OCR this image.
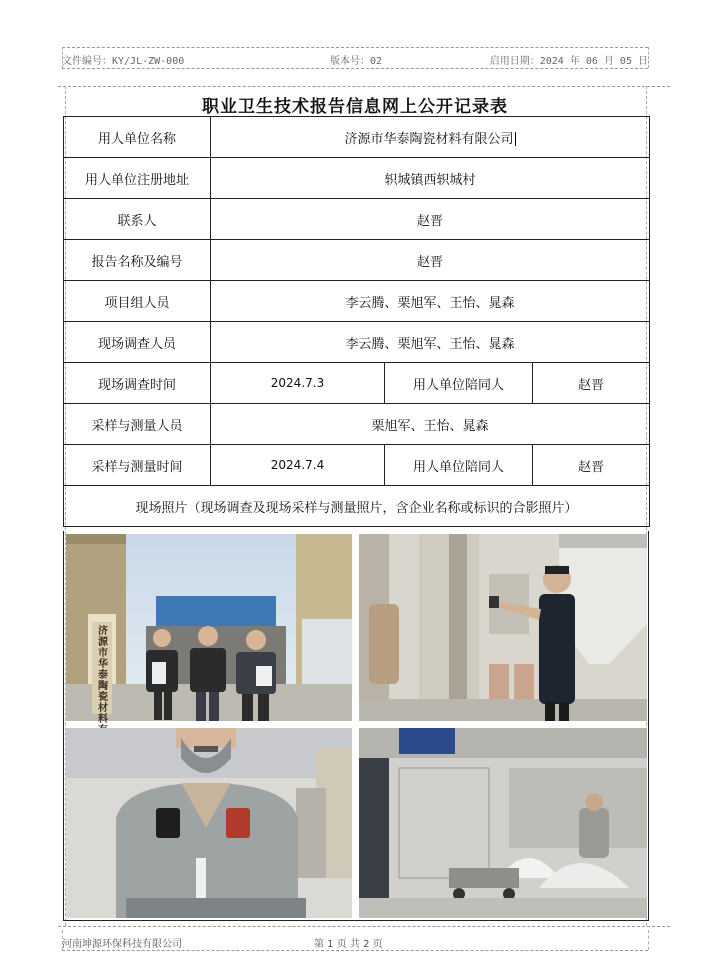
文件编号：KY/JL-ZW-000	版本号：02	启用日期：2024 年 06 月 05 日
职业卫生技术报告信息网上公开记录表
用人单位名称	济源市华泰陶瓷材料有限公司		
用人单位注册地址	轵城镇西轵城村		
联系人	赵晋		
报告名称及编号	赵晋		
项目组人员	李云腾、栗旭军、王怡、晁森		
现场调查人员	李云腾、栗旭军、王怡、晁森		
现场调查时间	2024.7.3	用人单位陪同人	赵晋
采样与测量人员	栗旭军、王怡、晁森		
采样与测量时间	2024.7.4	用人单位陪同人	赵晋
现场照片（现场调查及现场采样与测量照片，含企业名称或标识的合影照片）			
济源市华泰陶瓷材料
河南坤源环保科技有限公司	第 1 页 共 2 页
